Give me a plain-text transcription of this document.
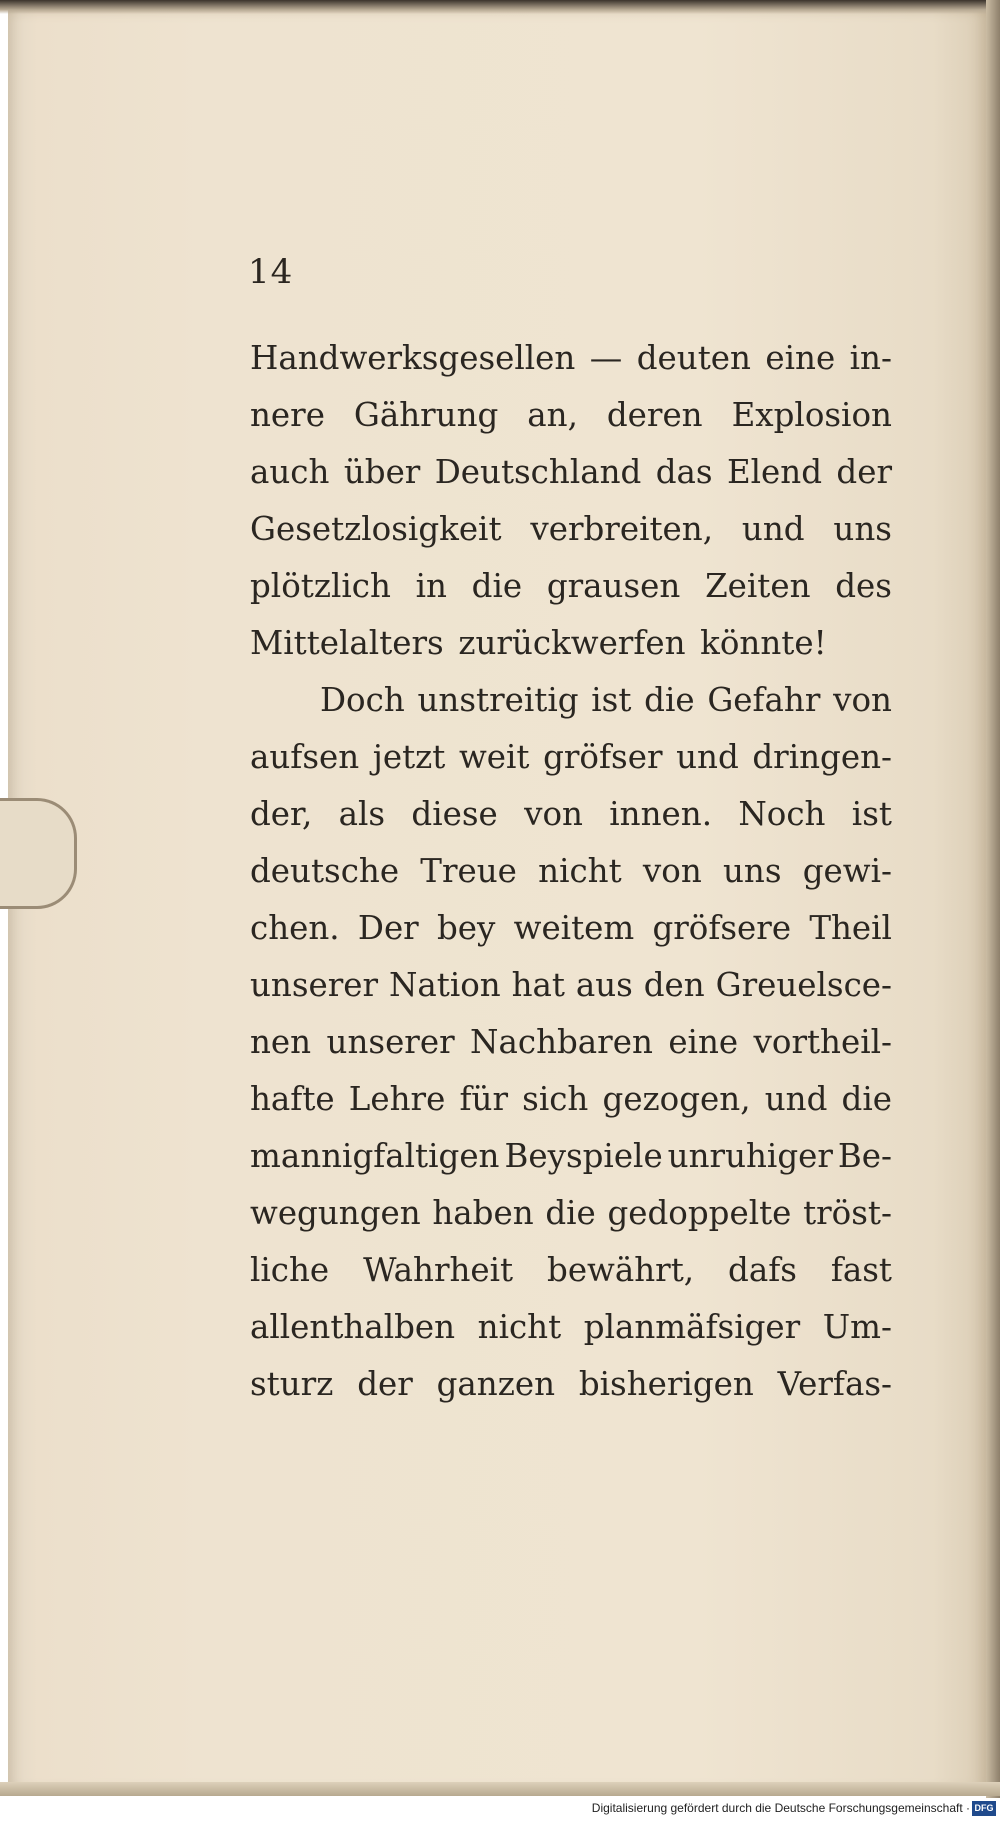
14
Handwerksgesellen — deuten eine in-
nere Gährung an, deren Explosion
auch über Deutschland das Elend der
Gesetzlosigkeit verbreiten, und uns
plötzlich in die grausen Zeiten des
Mittelalters zurückwerfen könnte!
Doch unstreitig ist die Gefahr von
aufsen jetzt weit gröfser und dringen-
der, als diese von innen. Noch ist
deutsche Treue nicht von uns gewi-
chen. Der bey weitem gröfsere Theil
unserer Nation hat aus den Greuelsce-
nen unserer Nachbaren eine vortheil-
hafte Lehre für sich gezogen, und die
mannigfaltigen Beyspiele unruhiger Be-
wegungen haben die gedoppelte tröst-
liche Wahrheit bewährt, dafs fast
allenthalben nicht planmäfsiger Um-
sturz der ganzen bisherigen Verfas-
Digitalisierung gefördert durch die Deutsche Forschungsgemeinschaft · DFG
